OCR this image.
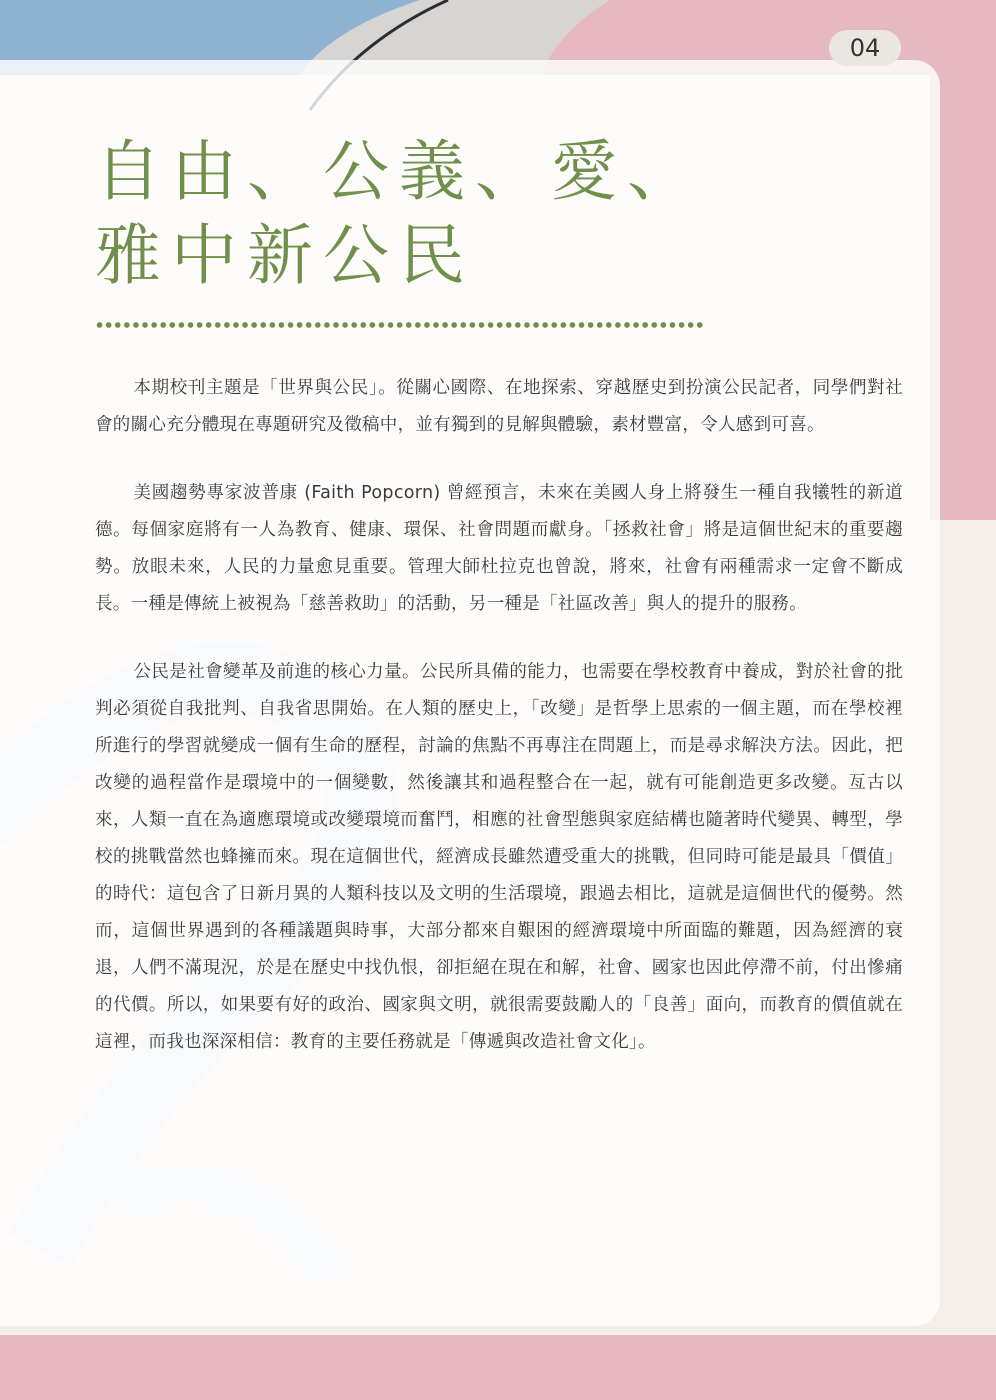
04
自由、公義、愛、
雅中新公民

本期校刊主題是「世界與公民」。從關心國際、在地探索、穿越歷史到扮演公民記者，同學們對社會的關心充分體現在專題研究及徵稿中，並有獨到的見解與體驗，素材豐富，令人感到可喜。

美國趨勢專家波普康 (Faith Popcorn) 曾經預言，未來在美國人身上將發生一種自我犧牲的新道德。每個家庭將有一人為教育、健康、環保、社會問題而獻身。「拯救社會」將是這個世紀末的重要趨勢。放眼未來，人民的力量愈見重要。管理大師杜拉克也曾說，將來，社會有兩種需求一定會不斷成長。一種是傳統上被視為「慈善救助」的活動，另一種是「社區改善」與人的提升的服務。

公民是社會變革及前進的核心力量。公民所具備的能力，也需要在學校教育中養成，對於社會的批判必須從自我批判、自我省思開始。在人類的歷史上，「改變」是哲學上思索的一個主題，而在學校裡所進行的學習就變成一個有生命的歷程，討論的焦點不再專注在問題上，而是尋求解決方法。因此，把改變的過程當作是環境中的一個變數，然後讓其和過程整合在一起，就有可能創造更多改變。亙古以來，人類一直在為適應環境或改變環境而奮鬥，相應的社會型態與家庭結構也隨著時代變異、轉型，學校的挑戰當然也蜂擁而來。現在這個世代，經濟成長雖然遭受重大的挑戰，但同時可能是最具「價值」的時代：這包含了日新月異的人類科技以及文明的生活環境，跟過去相比，這就是這個世代的優勢。然而，這個世界遇到的各種議題與時事，大部分都來自艱困的經濟環境中所面臨的難題，因為經濟的衰退，人們不滿現況，於是在歷史中找仇恨，卻拒絕在現在和解，社會、國家也因此停滯不前，付出慘痛的代價。所以，如果要有好的政治、國家與文明，就很需要鼓勵人的「良善」面向，而教育的價值就在這裡，而我也深深相信：教育的主要任務就是「傳遞與改造社會文化」。
